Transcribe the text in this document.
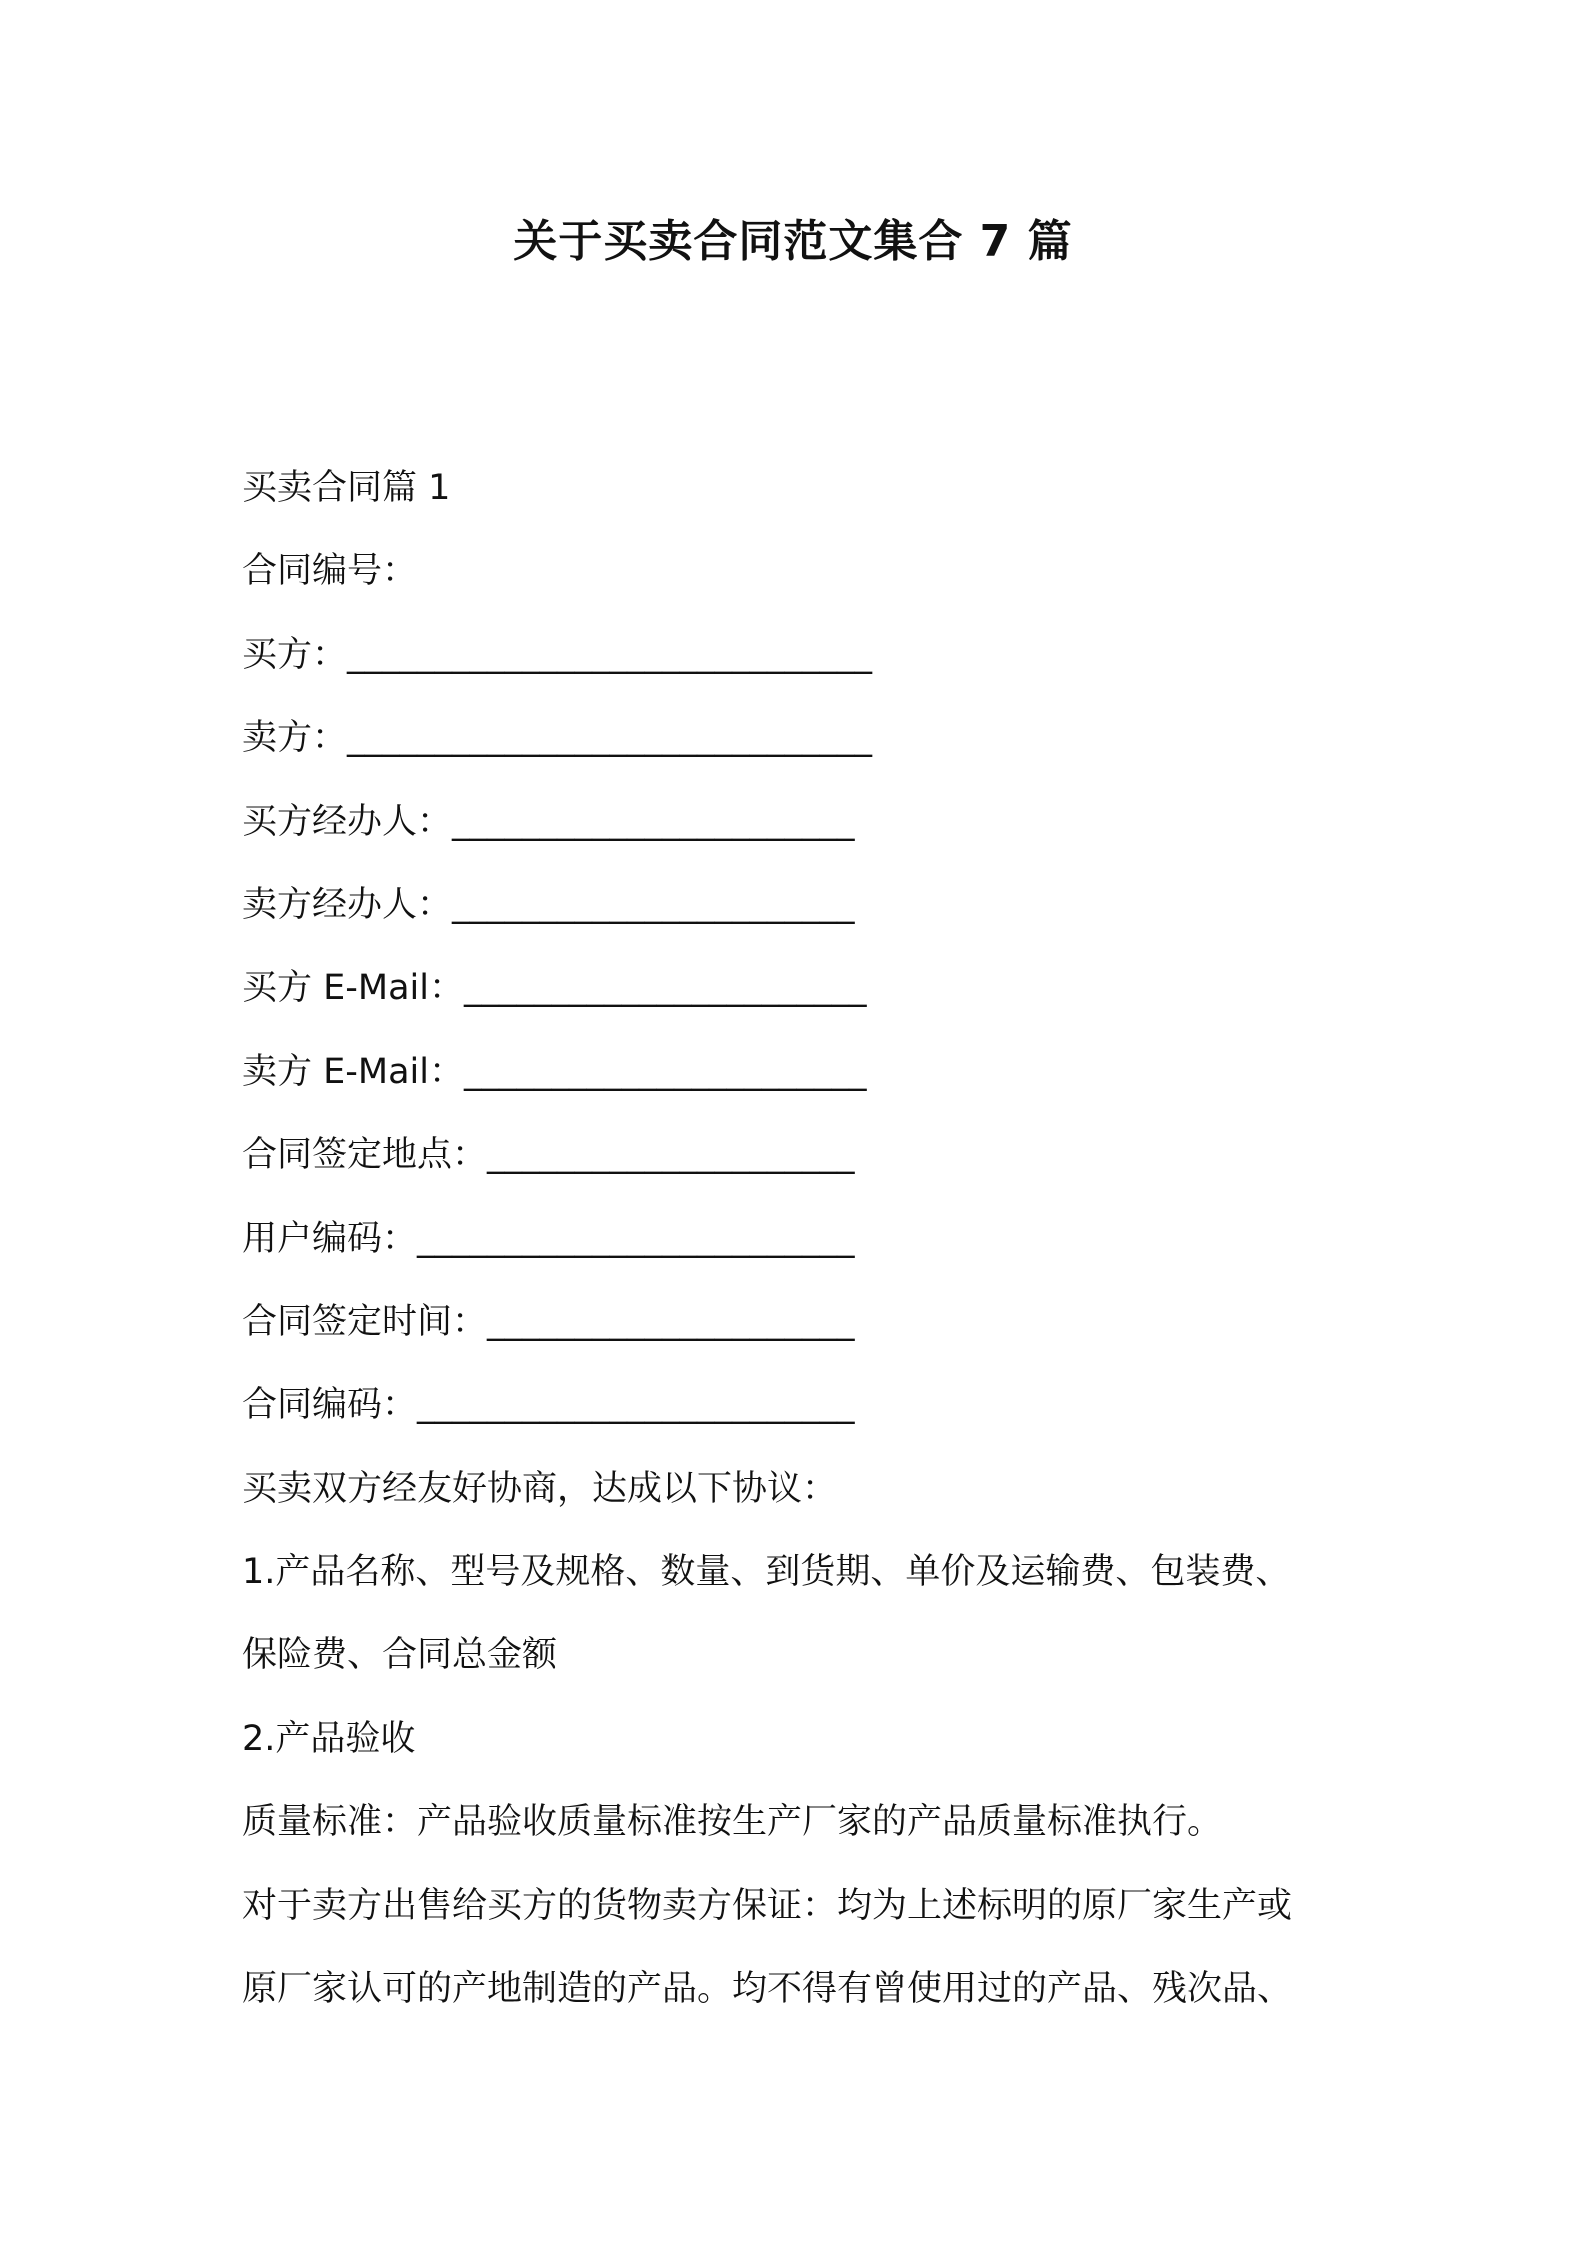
关于买卖合同范文集合 7 篇
买卖合同篇 1
合同编号：
买方：______________________________
卖方：______________________________
买方经办人：_______________________
卖方经办人：_______________________
买方 E-Mail：_______________________
卖方 E-Mail：_______________________
合同签定地点：_____________________
用户编码：_________________________
合同签定时间：_____________________
合同编码：_________________________
买卖双方经友好协商，达成以下协议：
1.产品名称、型号及规格、数量、到货期、单价及运输费、包装费、
保险费、合同总金额
2.产品验收
质量标准：产品验收质量标准按生产厂家的产品质量标准执行。
对于卖方出售给买方的货物卖方保证：均为上述标明的原厂家生产或
原厂家认可的产地制造的产品。均不得有曾使用过的产品、残次品、
